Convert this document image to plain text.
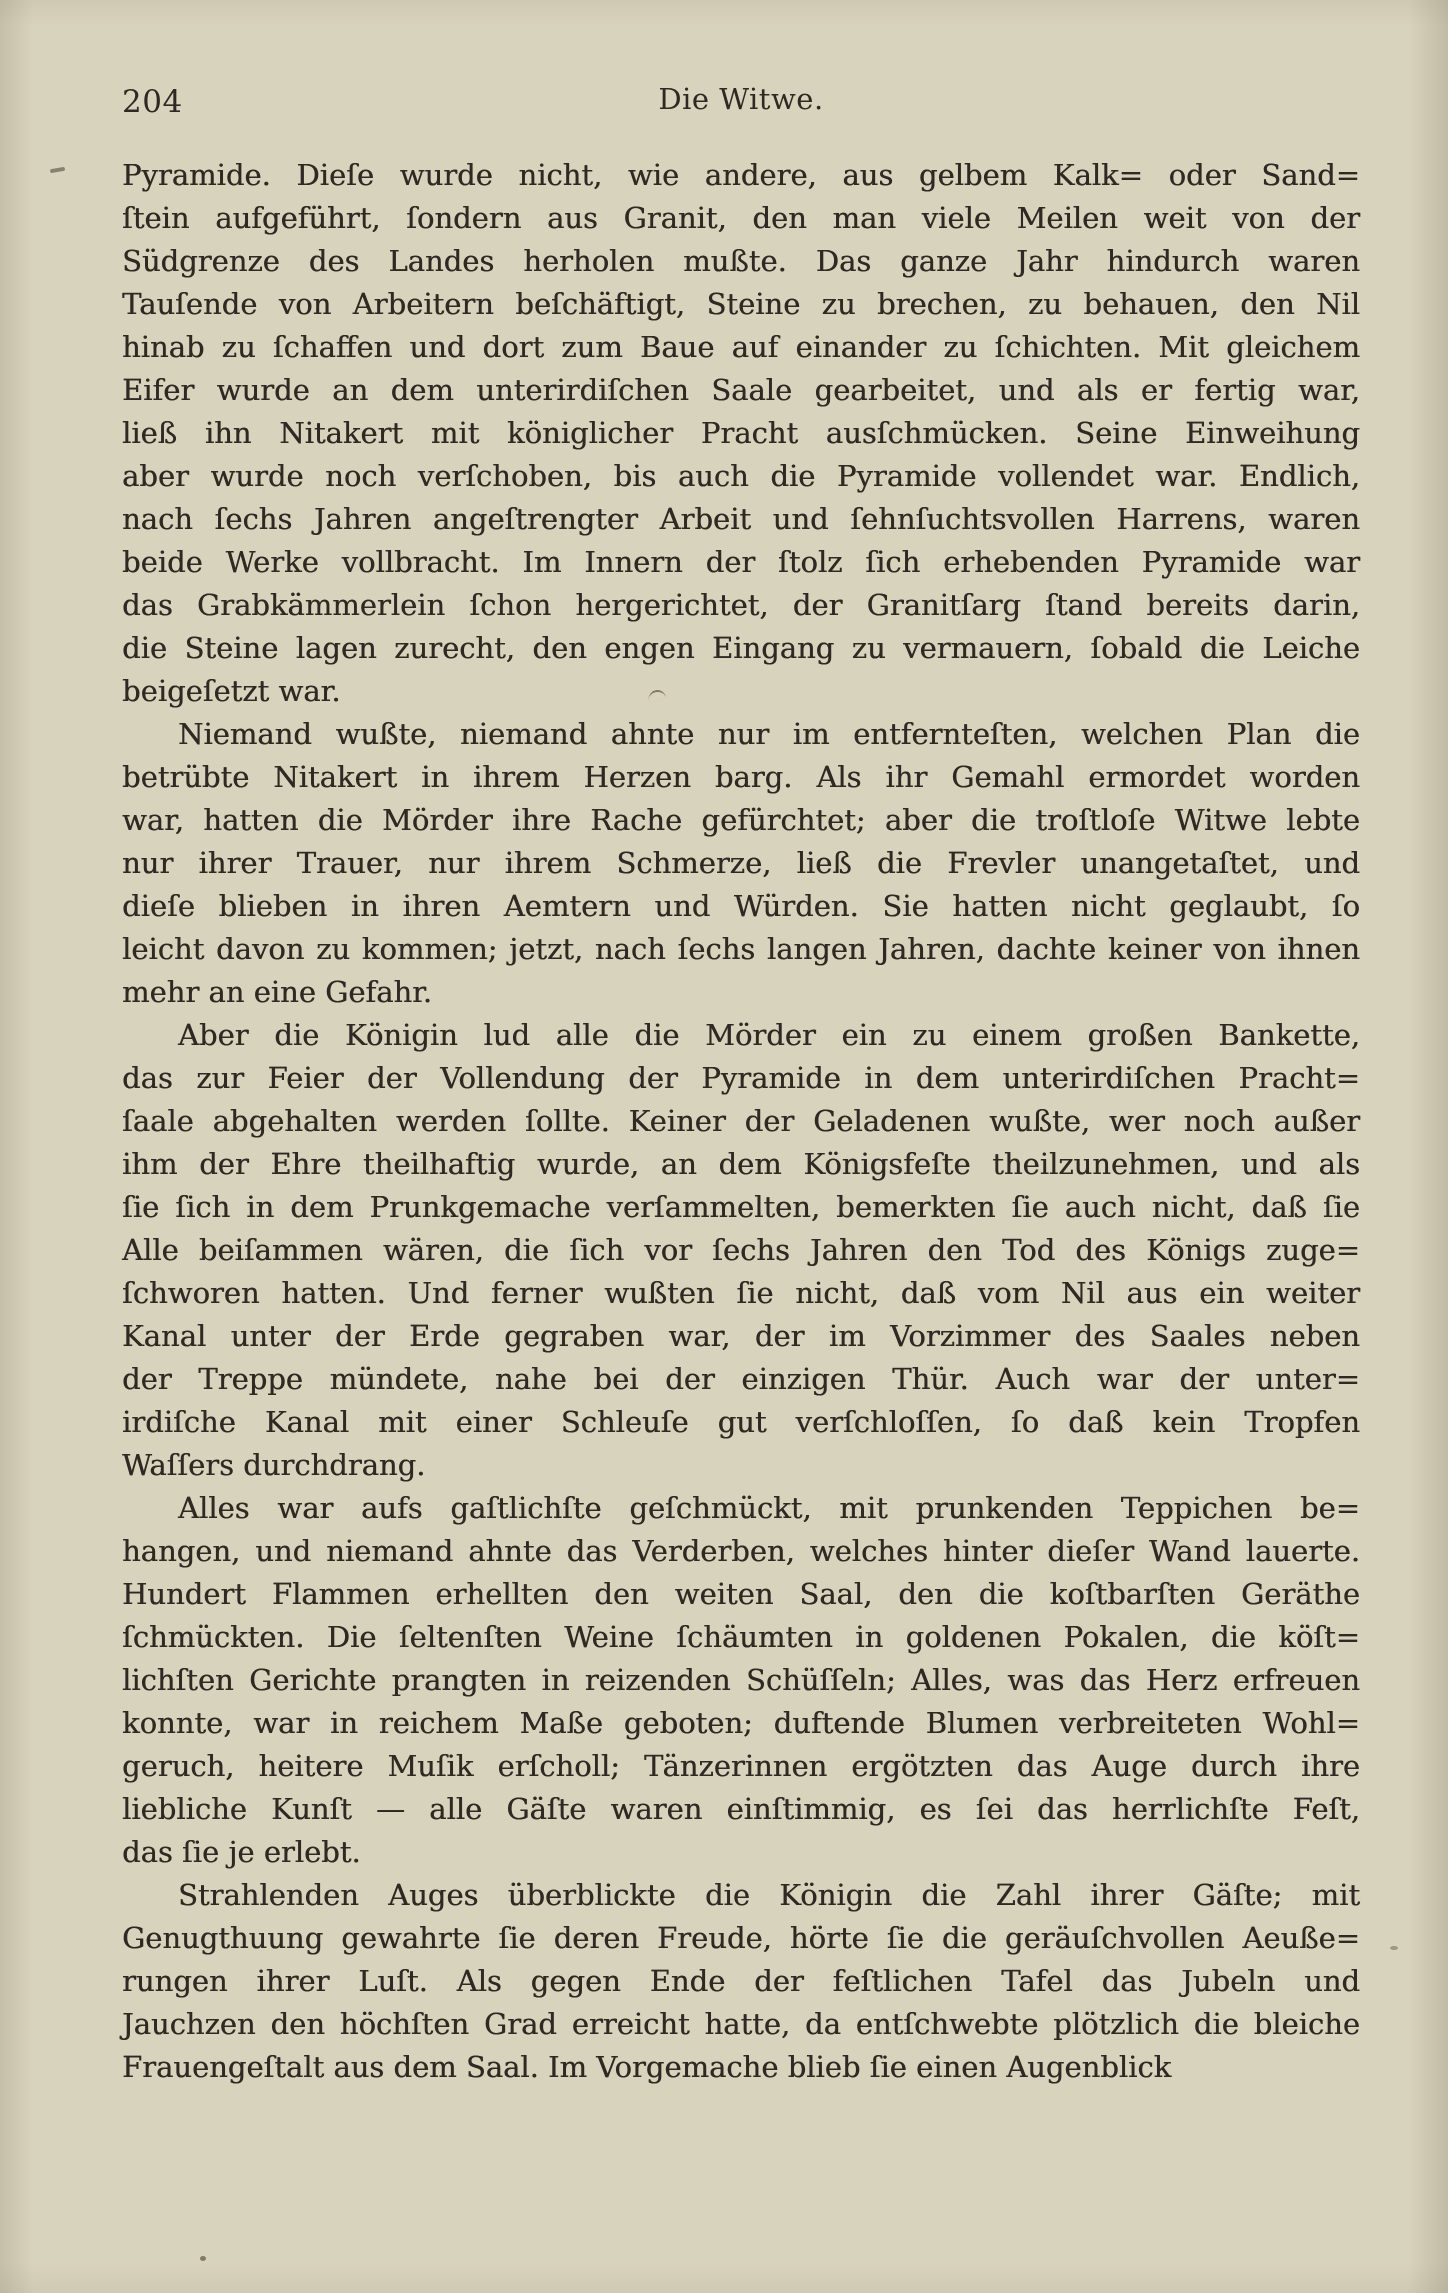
204	Die Witwe.
Pyramide. Dieſe wurde nicht, wie andere, aus gelbem Kalk= oder Sand=
ſtein aufgeführt, ſondern aus Granit, den man viele Meilen weit von der
Südgrenze des Landes herholen mußte. Das ganze Jahr hindurch waren
Tauſende von Arbeitern beſchäftigt, Steine zu brechen, zu behauen, den Nil
hinab zu ſchaffen und dort zum Baue auf einander zu ſchichten. Mit gleichem
Eifer wurde an dem unterirdiſchen Saale gearbeitet, und als er fertig war,
ließ ihn Nitakert mit königlicher Pracht ausſchmücken. Seine Einweihung
aber wurde noch verſchoben, bis auch die Pyramide vollendet war. Endlich,
nach ſechs Jahren angeſtrengter Arbeit und ſehnſuchtsvollen Harrens, waren
beide Werke vollbracht. Im Innern der ſtolz ſich erhebenden Pyramide war
das Grabkämmerlein ſchon hergerichtet, der Granitſarg ſtand bereits darin,
die Steine lagen zurecht, den engen Eingang zu vermauern, ſobald die Leiche
beigeſetzt war.
Niemand wußte, niemand ahnte nur im entfernteſten, welchen Plan die
betrübte Nitakert in ihrem Herzen barg. Als ihr Gemahl ermordet worden
war, hatten die Mörder ihre Rache gefürchtet; aber die troſtloſe Witwe lebte
nur ihrer Trauer, nur ihrem Schmerze, ließ die Frevler unangetaſtet, und
dieſe blieben in ihren Aemtern und Würden. Sie hatten nicht geglaubt, ſo
leicht davon zu kommen; jetzt, nach ſechs langen Jahren, dachte keiner von ihnen
mehr an eine Gefahr.
Aber die Königin lud alle die Mörder ein zu einem großen Bankette,
das zur Feier der Vollendung der Pyramide in dem unterirdiſchen Pracht=
ſaale abgehalten werden ſollte. Keiner der Geladenen wußte, wer noch außer
ihm der Ehre theilhaftig wurde, an dem Königsfeſte theilzunehmen, und als
ſie ſich in dem Prunkgemache verſammelten, bemerkten ſie auch nicht, daß ſie
Alle beiſammen wären, die ſich vor ſechs Jahren den Tod des Königs zuge=
ſchworen hatten. Und ferner wußten ſie nicht, daß vom Nil aus ein weiter
Kanal unter der Erde gegraben war, der im Vorzimmer des Saales neben
der Treppe mündete, nahe bei der einzigen Thür. Auch war der unter=
irdiſche Kanal mit einer Schleuſe gut verſchloſſen, ſo daß kein Tropfen
Waſſers durchdrang.
Alles war aufs gaſtlichſte geſchmückt, mit prunkenden Teppichen be=
hangen, und niemand ahnte das Verderben, welches hinter dieſer Wand lauerte.
Hundert Flammen erhellten den weiten Saal, den die koſtbarſten Geräthe
ſchmückten. Die ſeltenſten Weine ſchäumten in goldenen Pokalen, die köſt=
lichſten Gerichte prangten in reizenden Schüſſeln; Alles, was das Herz erfreuen
konnte, war in reichem Maße geboten; duftende Blumen verbreiteten Wohl=
geruch, heitere Muſik erſcholl; Tänzerinnen ergötzten das Auge durch ihre
liebliche Kunſt — alle Gäſte waren einſtimmig, es ſei das herrlichſte Feſt,
das ſie je erlebt.
Strahlenden Auges überblickte die Königin die Zahl ihrer Gäſte; mit
Genugthuung gewahrte ſie deren Freude, hörte ſie die geräuſchvollen Aeuße=
rungen ihrer Luſt. Als gegen Ende der feſtlichen Tafel das Jubeln und
Jauchzen den höchſten Grad erreicht hatte, da entſchwebte plötzlich die bleiche
Frauengeſtalt aus dem Saal. Im Vorgemache blieb ſie einen Augenblick
